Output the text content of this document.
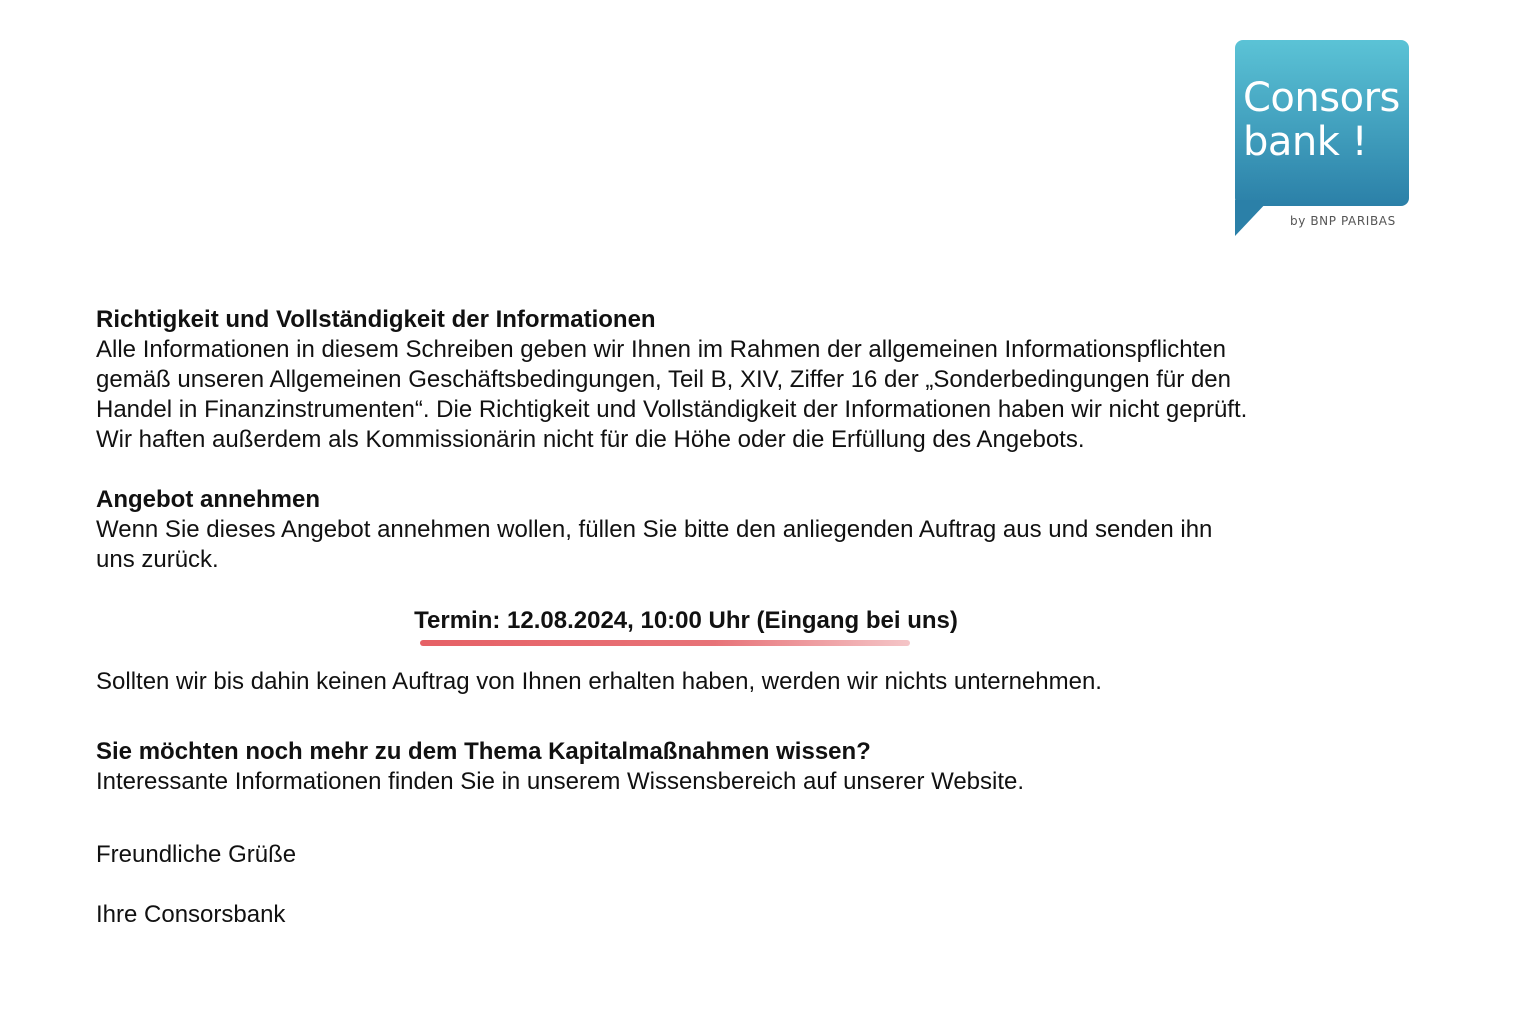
Consors
bank !

by BNP PARIBAS
Richtigkeit und Vollständigkeit der Informationen
Alle Informationen in diesem Schreiben geben wir Ihnen im Rahmen der allgemeinen Informationspflichten
gemäß unseren Allgemeinen Geschäftsbedingungen, Teil B, XIV, Ziffer 16 der „Sonderbedingungen für den
Handel in Finanzinstrumenten“. Die Richtigkeit und Vollständigkeit der Informationen haben wir nicht geprüft.
Wir haften außerdem als Kommissionärin nicht für die Höhe oder die Erfüllung des Angebots.
Angebot annehmen
Wenn Sie dieses Angebot annehmen wollen, füllen Sie bitte den anliegenden Auftrag aus und senden ihn
uns zurück.
Termin: 12.08.2024, 10:00 Uhr (Eingang bei uns)
Sollten wir bis dahin keinen Auftrag von Ihnen erhalten haben, werden wir nichts unternehmen.
Sie möchten noch mehr zu dem Thema Kapitalmaßnahmen wissen?
Interessante Informationen finden Sie in unserem Wissensbereich auf unserer Website.
Freundliche Grüße
Ihre Consorsbank
